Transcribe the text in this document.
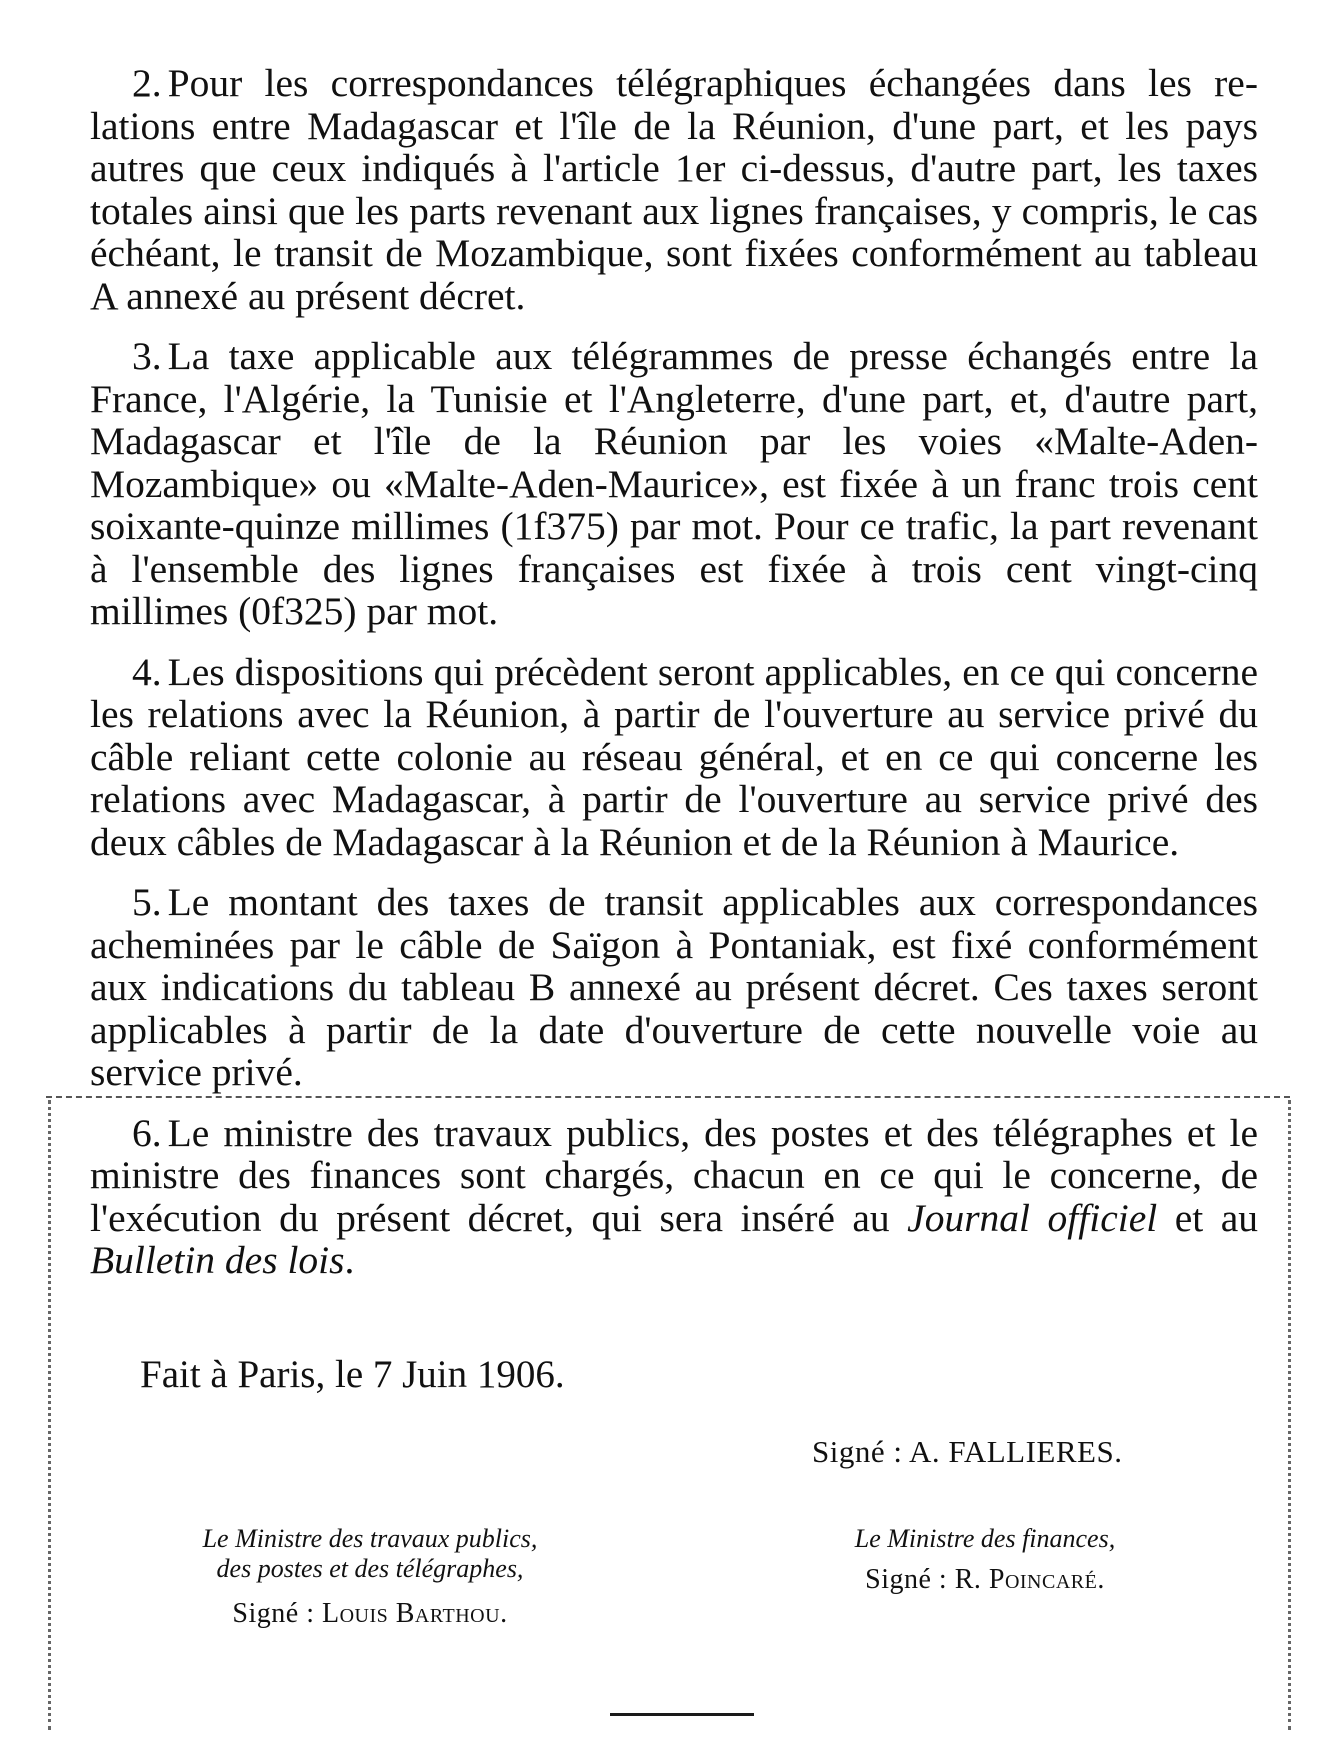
2. Pour les correspondances télégraphiques échangées dans les relations entre Madagascar et l'île de la Réunion, d'une part, et les pays autres que ceux indiqués à l'article 1er ci-dessus, d'autre part, les taxes totales ainsi que les parts revenant aux lignes françaises, y compris, le cas échéant, le transit de Mozambique, sont fixées conformément au tableau A annexé au présent décret.

3. La taxe applicable aux télégrammes de presse échangés entre la France, l'Algérie, la Tunisie et l'Angleterre, d'une part, et, d'autre part, Madagascar et l'île de la Réunion par les voies «Malte-Aden-Mozambique» ou «Malte-Aden-Maurice», est fixée à un franc trois cent soixante-quinze millimes (1f375) par mot. Pour ce trafic, la part revenant à l'ensemble des lignes françaises est fixée à trois cent vingt-cinq millimes (0f325) par mot.

4. Les dispositions qui précèdent seront applicables, en ce qui concerne les relations avec la Réunion, à partir de l'ouverture au service privé du câble reliant cette colonie au réseau général, et en ce qui concerne les relations avec Madagascar, à partir de l'ouverture au service privé des deux câbles de Madagascar à la Réunion et de la Réunion à Maurice.

5. Le montant des taxes de transit applicables aux correspondances acheminées par le câble de Saïgon à Pontaniak, est fixé conformément aux indications du tableau B annexé au présent décret. Ces taxes seront applicables à partir de la date d'ouverture de cette nouvelle voie au service privé.

6. Le ministre des travaux publics, des postes et des télégraphes et le ministre des finances sont chargés, chacun en ce qui le concerne, de l'exécution du présent décret, qui sera inséré au Journal officiel et au Bulletin des lois.

Fait à Paris, le 7 Juin 1906.
Signé : A. FALLIERES.
Le Ministre des travaux publics,
des postes et des télégraphes,
Signé : Louis Barthou.
Le Ministre des finances,
Signé : R. Poincaré.
